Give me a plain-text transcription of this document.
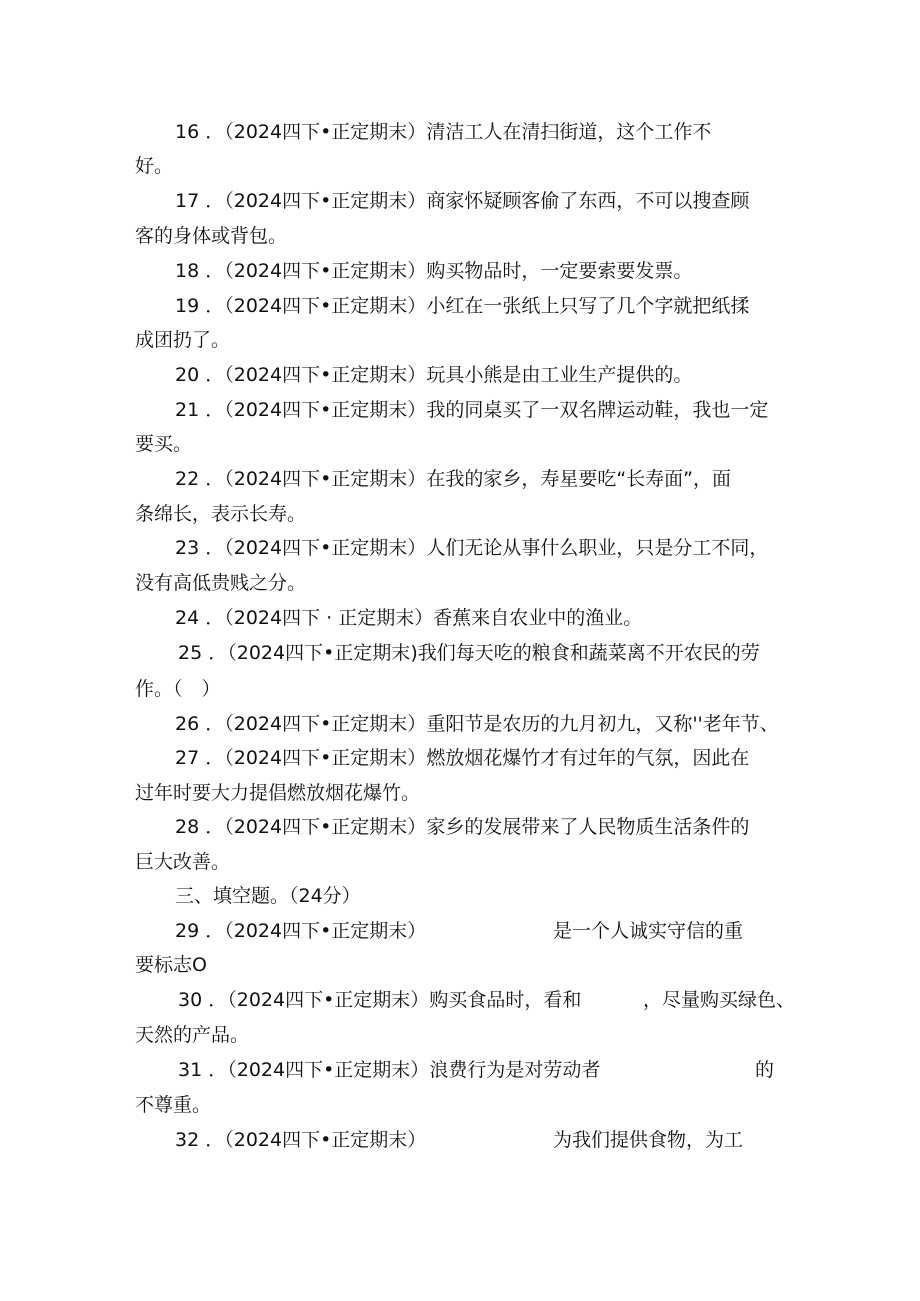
16 ．（2024四下•正定期末）清洁工人在清扫街道，这个工作不
好。
17 ．（2024四下•正定期末）商家怀疑顾客偷了东西，不可以搜查顾
客的身体或背包。
18 ．（2024四下•正定期末）购买物品时，一定要索要发票。
19 ．（2024四下•正定期末）小红在一张纸上只写了几个字就把纸揉
成团扔了。
20 ．（2024四下•正定期末）玩具小熊是由工业生产提供的。
21 ．（2024四下•正定期末）我的同桌买了一双名牌运动鞋，我也一定
要买。
22 ．（2024四下•正定期末）在我的家乡，寿星要吃“长寿面”，面
条绵长，表示长寿。
23 ．（2024四下•正定期末）人们无论从事什么职业，只是分工不同，
没有高低贵贱之分。
24 ．（2024四下 · 正定期末）香蕉来自农业中的渔业。
25 ．（2024四下•正定期末)我们每天吃的粮食和蔬菜离不开农民的劳
作。（　）
26 ．（2024四下•正定期末）重阳节是农历的九月初九，又称''老年节、
27 ．（2024四下•正定期末）燃放烟花爆竹才有过年的气氛，因此在
过年时要大力提倡燃放烟花爆竹。
28 ．（2024四下•正定期末）家乡的发展带来了人民物质生活条件的
巨大改善。
三、填空题。（24分）
29 ．（2024四下•正定期末）	是一个人诚实守信的重
要标志O
30 ．（2024四下•正定期末）购买食品时，看和	，尽量购买绿色、
天然的产品。
31 ．（2024四下•正定期末）浪费行为是对劳动者	的
不尊重。
32 ．（2024四下•正定期末）	为我们提供食物，为工
